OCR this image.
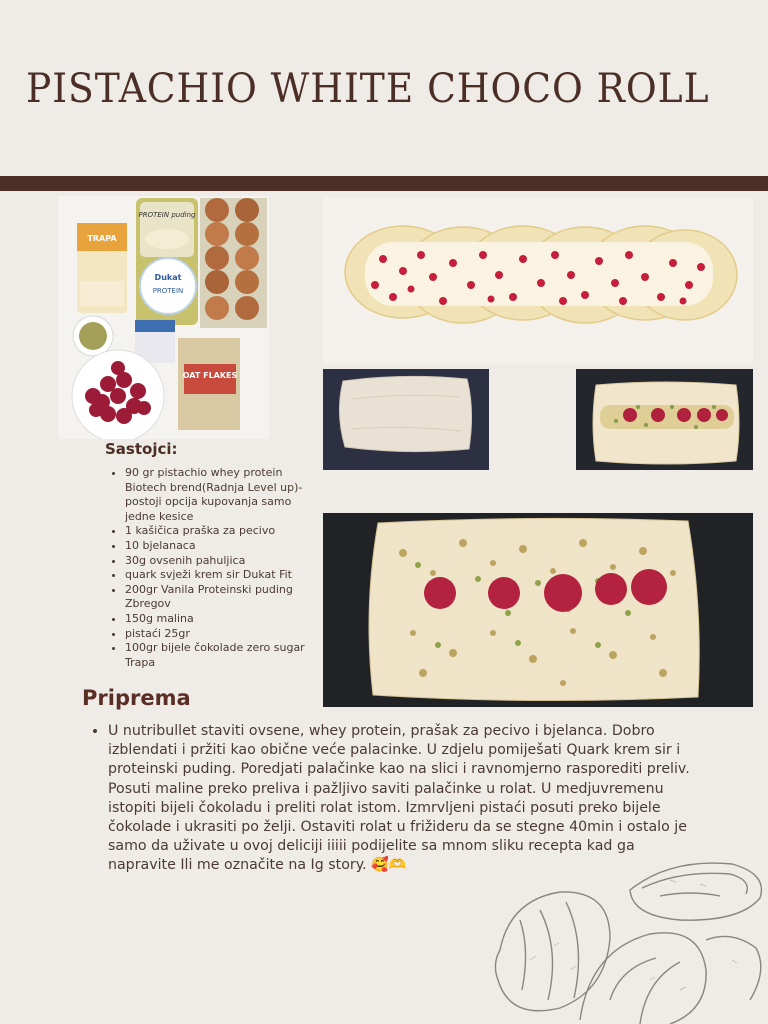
PISTACHIO WHITE CHOCO ROLL
TRAPA
PROTEIN puding
Dukat
PROTEIN
OAT FLAKES
Sastojci:
• 90 gr pistachio whey protein Biotech brend(Radnja Level up)-postoji opcija kupovanja samo jedne kesice
• 1 kašičica praška za pecivo
• 10 bjelanaca
• 30g ovsenih pahuljica
• quark svježi krem sir Dukat Fit
• 200gr Vanila Proteinski puding Zbregov
• 150g malina
• pistaći 25gr
• 100gr bijele čokolade zero sugar Trapa
Priprema
• U nutribullet staviti ovsene, whey protein, prašak za pecivo i bjelanca. Dobro izblendati i pržiti kao obične veće palacinke. U zdjelu pomiješati Quark krem sir i proteinski puding. Poredjati palačinke kao na slici i ravnomjerno rasporediti preliv. Posuti maline preko preliva i pažljivo saviti palačinke u rolat. U medjuvremenu istopiti bijeli čokoladu i preliti rolat istom. Izmrvljeni pistaći posuti preko bijele čokolade i ukrasiti po želji. Ostaviti rolat u frižideru da se stegne 40min i ostalo je samo da uživate u ovoj deliciji iiiii podijelite sa mnom sliku recepta kad ga napravite Ili me označite na Ig story. 🥰🫶
